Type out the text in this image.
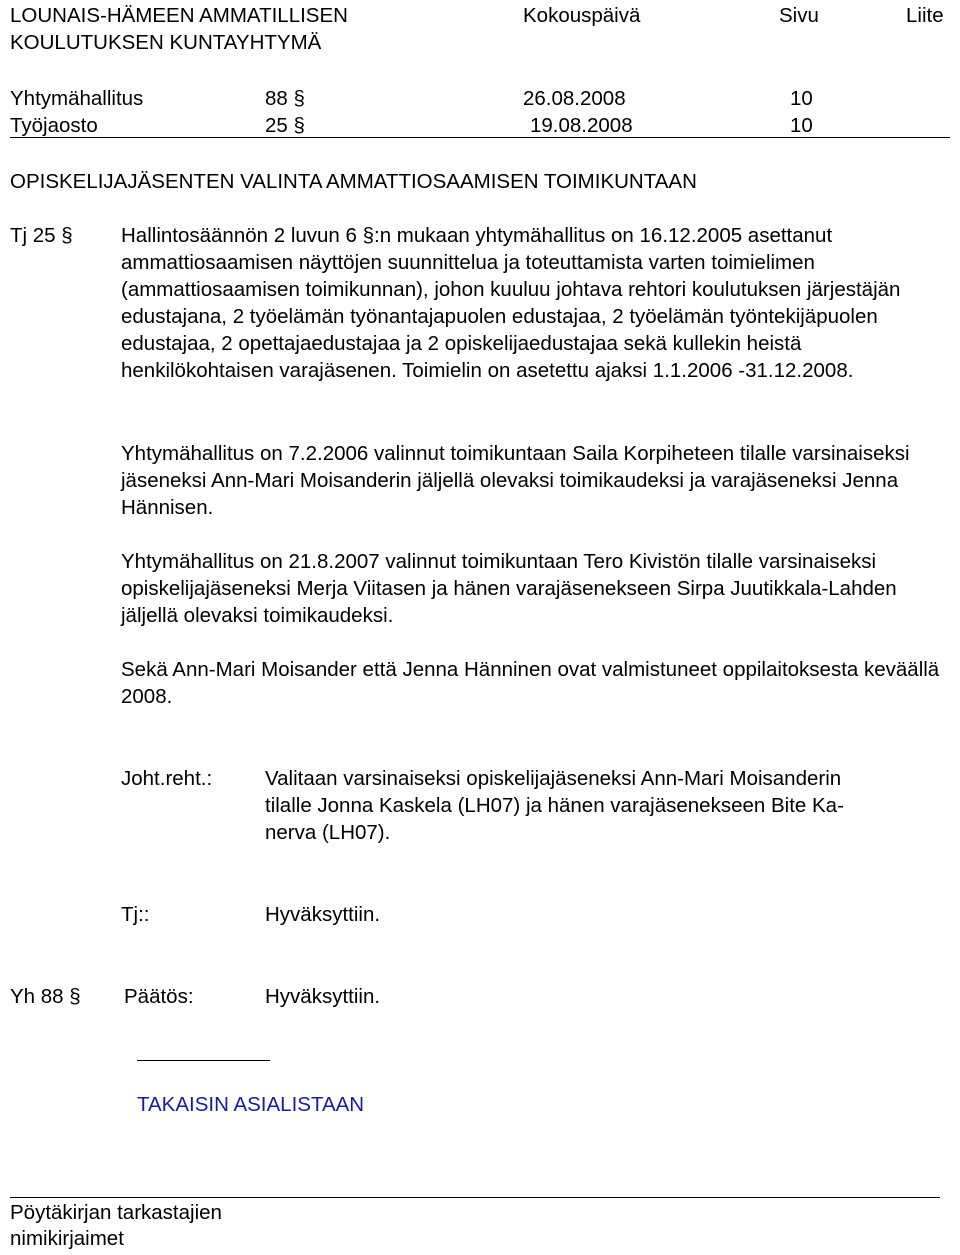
LOUNAIS-HÄMEEN AMMATILLISEN
KOULUTUKSEN KUNTAYHTYMÄ
Kokouspäivä	Sivu	Liite
Yhtymähallitus	88 §	26.08.2008	10
Työjaosto	25 §	19.08.2008	10
OPISKELIJAJÄSENTEN VALINTA AMMATTIOSAAMISEN TOIMIKUNTAAN
Tj 25 § Hallintosäännön 2 luvun 6 §:n mukaan yhtymähallitus on 16.12.2005 asettanut ammattiosaamisen näyttöjen suunnittelua ja toteuttamista varten toimielimen (ammattiosaamisen toimikunnan), johon kuuluu johtava rehtori koulutuksen järjestäjän edustajana, 2 työelämän työnantajapuolen edustajaa, 2 työelämän työntekijäpuolen edustajaa, 2 opettajaedustajaa ja 2 opiskelijaedustajaa sekä kullekin heistä henkilökohtaisen varajäsenen. Toimielin on asetettu ajaksi 1.1.2006 -31.12.2008.

Yhtymähallitus on 7.2.2006 valinnut toimikuntaan Saila Korpiheteen tilalle varsinaiseksi jäseneksi Ann-Mari Moisanderin jäljellä olevaksi toimikaudeksi ja varajäseneksi Jenna Hännisen.

Yhtymähallitus on 21.8.2007 valinnut toimikuntaan Tero Kivistön tilalle varsinaiseksi opiskelijajäseneksi Merja Viitasen ja hänen varajäsenekseen Sirpa Juutikkala-Lahden jäljellä olevaksi toimikaudeksi.

Sekä Ann-Mari Moisander että Jenna Hänninen ovat valmistuneet oppilaitoksesta keväällä 2008.

Joht.reht.:	Valitaan varsinaiseksi opiskelijajäseneksi Ann-Mari Moisanderin
tilalle Jonna Kaskela (LH07) ja hänen varajäsenekseen Bite Ka-
nerva (LH07).
Tj::	Hyväksyttiin.
Yh 88 § Päätös:	Hyväksyttiin.
TAKAISIN ASIALISTAAN
Pöytäkirjan tarkastajien
nimikirjaimet
